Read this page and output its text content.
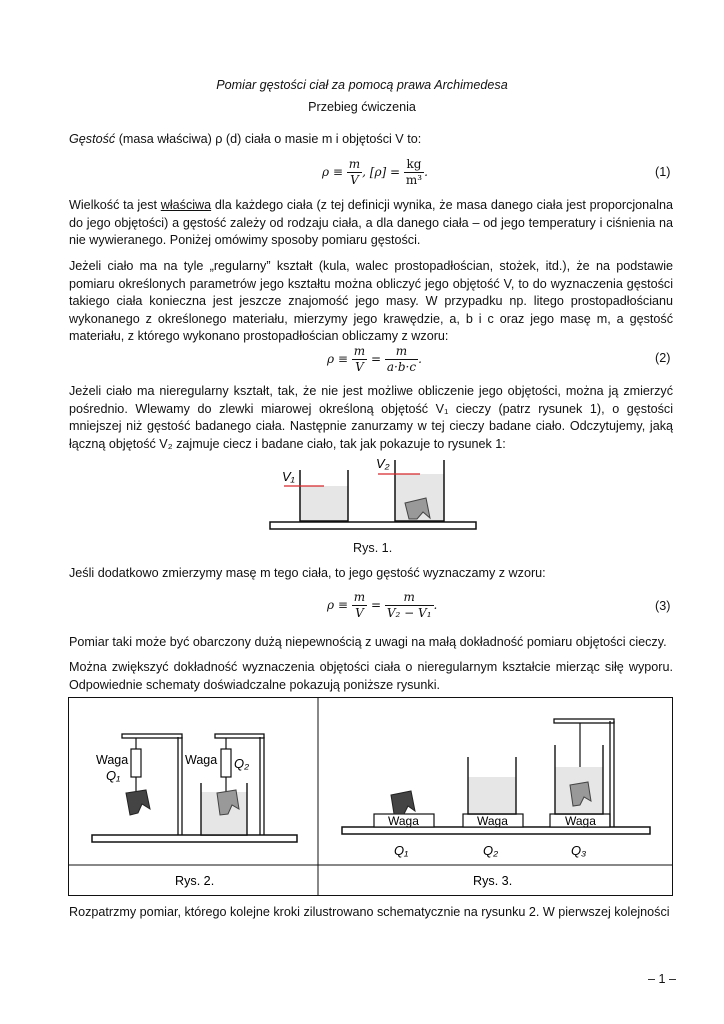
Pomiar gęstości ciał za pomocą prawa Archimedesa
Przebieg ćwiczenia
Gęstość (masa właściwa) ρ (d) ciała o masie m i objętości V to:
$\rho \equiv \frac{m}{V}$ , $[\rho] = \frac{kg}{\text{m³}}$ .	(1)
Wielkość ta jest właściwa dla każdego ciała (z tej definicji wynika, że masa danego ciała jest proporcjonalna do jego objętości) a gęstość zależy od rodzaju ciała, a dla danego ciała – od jego temperatury i ciśnienia na nie wywieranego. Poniżej omówimy sposoby pomiaru gęstości.
Jeżeli ciało ma na tyle „regularny” kształt (kula, walec prostopadłościan, stożek, itd.), że na podstawie pomiaru określonych parametrów jego kształtu można obliczyć jego objętość V, to do wyznaczenia gęstości takiego ciała konieczna jest jeszcze znajomość jego masy. W przypadku np. litego prostopadłościanu wykonanego z określonego materiału, mierzymy jego krawędzie, a, b i c oraz jego masę m, a gęstość materiału, z którego wykonano prostopadłościan obliczamy z wzoru:
$\rho \equiv \frac{m}{V} = \frac{m}{a\cdot b\cdot c}$ .	(2)
Jeżeli ciało ma nieregularny kształt, tak, że nie jest możliwe obliczenie jego objętości, można ją zmierzyć pośrednio. Wlewamy do zlewki miarowej określoną objętość V₁ cieczy (patrz rysunek 1), o gęstości mniejszej niż gęstość badanego ciała. Następnie zanurzamy w tej cieczy badane ciało. Odczytujemy, jaką łączną objętość V₂ zajmuje ciecz i badane ciało, tak jak pokazuje to rysunek 1:
V₁
V₂
Rys. 1.
Jeśli dodatkowo zmierzymy masę m tego ciała, to jego gęstość wyznaczamy z wzoru:
$\rho \equiv \frac{m}{V} = \frac{m}{\text{V₂ − V₁}}$ .	(3)
Pomiar taki może być obarczony dużą niepewnością z uwagi na małą dokładność pomiaru objętości cieczy.
Można zwiększyć dokładność wyznaczenia objętości ciała o nieregularnym kształcie mierząc siłę wyporu. Odpowiednie schematy doświadczalne pokazują poniższe rysunki.
Waga
Q₁
Waga Q₂
Waga	Waga	Waga
Q₁	Q₂	Q₃
Rys. 2.	Rys. 3.
Rozpatrzmy pomiar, którego kolejne kroki zilustrowano schematycznie na rysunku 2. W pierwszej kolejności
– 1 –
